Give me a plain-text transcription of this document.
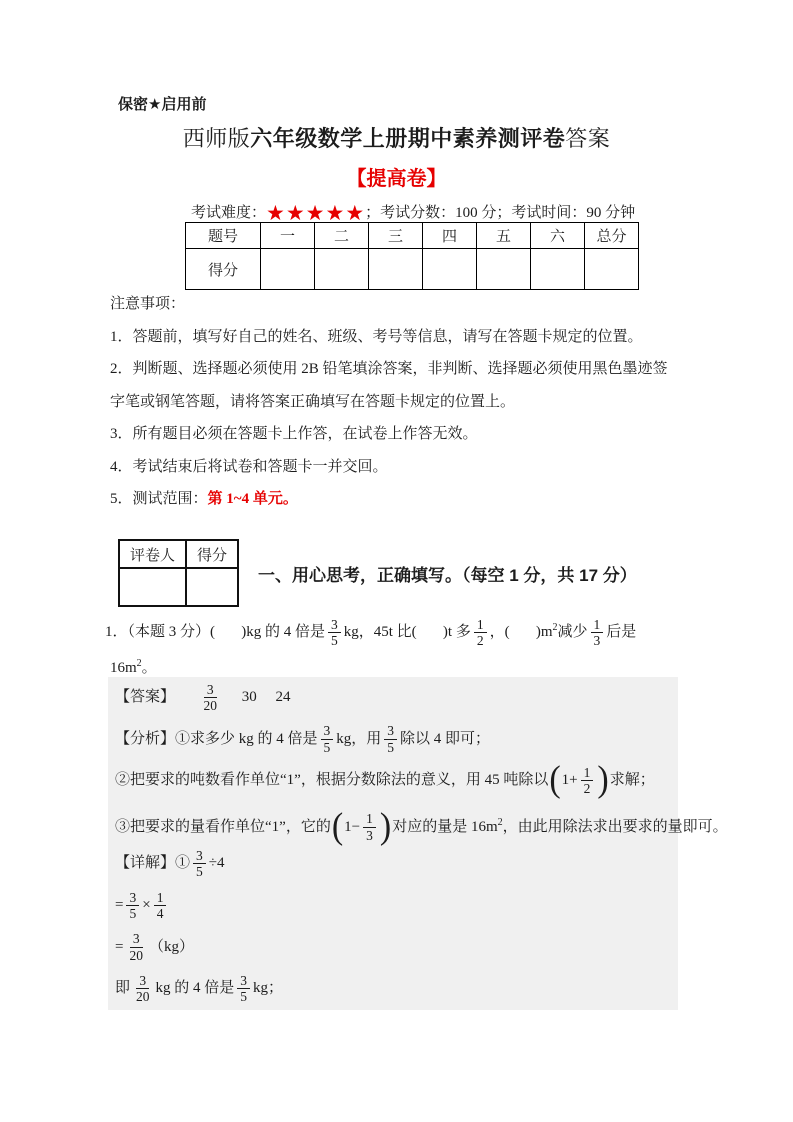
保密★启用前
西师版六年级数学上册期中素养测评卷答案
【提高卷】
考试难度：★★★★★；考试分数：100 分；考试时间：90 分钟
题号	一	二	三	四	五	六	总分
得分							

注意事项：

1．答题前，填写好自己的姓名、班级、考号等信息，请写在答题卡规定的位置。

2．判断题、选择题必须使用 2B 铅笔填涂答案，非判断、选择题必须使用黑色墨迹签字笔或钢笔答题，请将答案正确填写在答题卡规定的位置上。

3．所有题目必须在答题卡上作答，在试卷上作答无效。

4．考试结束后将试卷和答题卡一并交回。

5．测试范围：第 1~4 单元。

评卷人	得分

一、用心思考，正确填写。（每空 1 分，共 17 分）
1．（本题 3 分）(       )kg 的 4 倍是 $\frac{3}{5}$ kg，45t 比(       )t 多 $\frac{1}{2}$ ，(       )$m^2$减少 $\frac{1}{3}$ 后是
$16m^2$。
【答案】 $\frac{3}{20} 30$     24
【分析】①求多少 kg 的 4 倍是 $\frac{3}{5}$ kg，用 $\frac{3}{5}$ 除以 4 即可；
②把要求的吨数看作单位“1”，根据分数除法的意义，用 45 吨除以($1+ \frac{1}{2}$ )求解；
③把要求的量看作单位“1”，它的($1- \frac{1}{3}$ )对应的量是 $16m^2$，由此用除法求出要求的量即可。
【详解】① $\frac{3}{5} \div 4$
= $\frac{3}{5} \times \frac{1}{4}$
= $\frac{3}{20} (kg)$
即 $\frac{3}{20}$ kg 的 4 倍是 $\frac{3}{5}$ kg；
